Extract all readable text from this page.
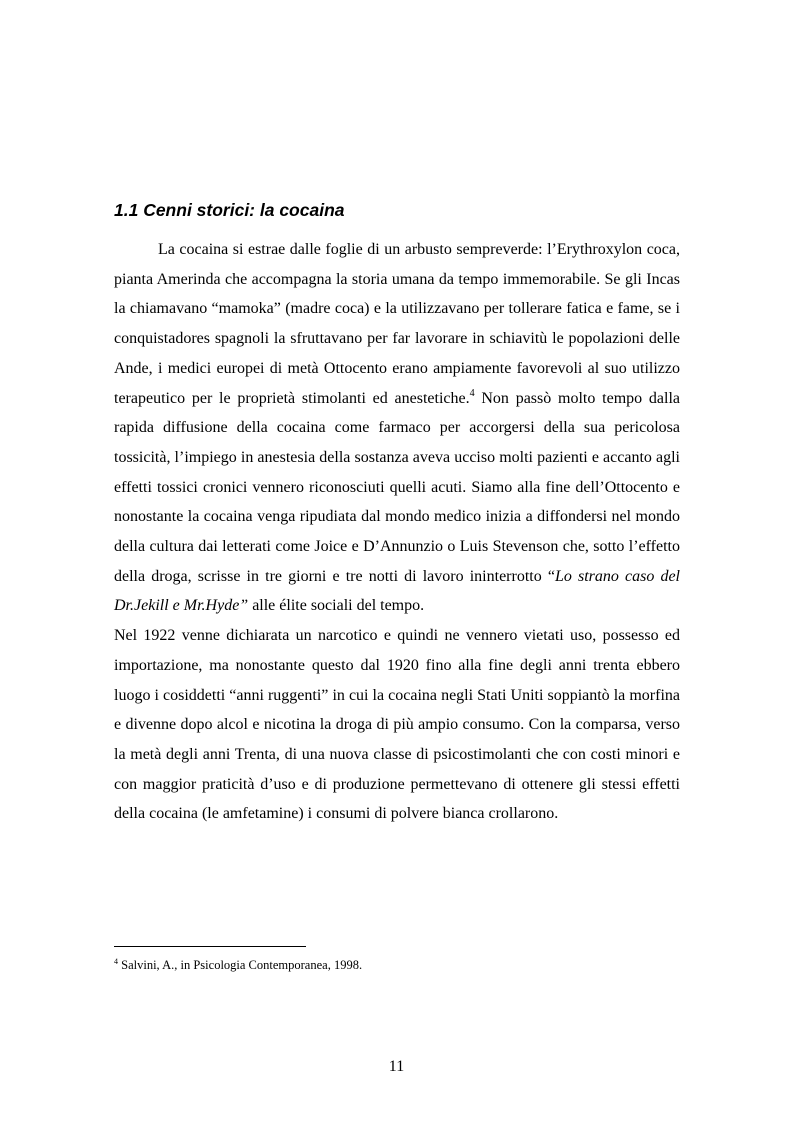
1.1 Cenni storici: la cocaina

La cocaina si estrae dalle foglie di un arbusto sempreverde: l’Erythroxylon coca, pianta Amerinda che accompagna la storia umana da tempo immemorabile. Se gli Incas la chiamavano “mamoka” (madre coca) e la utilizzavano per tollerare fatica e fame, se i conquistadores spagnoli la sfruttavano per far lavorare in schiavitù le popolazioni delle Ande, i medici europei di metà Ottocento erano ampiamente favorevoli al suo utilizzo terapeutico per le proprietà stimolanti ed anestetiche.$^4$ Non passò molto tempo dalla rapida diffusione della cocaina come farmaco per accorgersi della sua pericolosa tossicità, l’impiego in anestesia della sostanza aveva ucciso molti pazienti e accanto agli effetti tossici cronici vennero riconosciuti quelli acuti. Siamo alla fine dell’Ottocento e nonostante la cocaina venga ripudiata dal mondo medico inizia a diffondersi nel mondo della cultura dai letterati come Joice e D’Annunzio o Luis Stevenson che, sotto l’effetto della droga, scrisse in tre giorni e tre notti di lavoro ininterrotto “Lo strano caso del Dr.Jekill e Mr.Hyde” alle élite sociali del tempo.

Nel 1922 venne dichiarata un narcotico e quindi ne vennero vietati uso, possesso ed importazione, ma nonostante questo dal 1920 fino alla fine degli anni trenta ebbero luogo i cosiddetti “anni ruggenti” in cui la cocaina negli Stati Uniti soppiantò la morfina e divenne dopo alcol e nicotina la droga di più ampio consumo. Con la comparsa, verso la metà degli anni Trenta, di una nuova classe di psicostimolanti che con costi minori e con maggior praticità d’uso e di produzione permettevano di ottenere gli stessi effetti della cocaina (le amfetamine) i consumi di polvere bianca crollarono.

$^4$ Salvini, A., in Psicologia Contemporanea, 1998.
11
